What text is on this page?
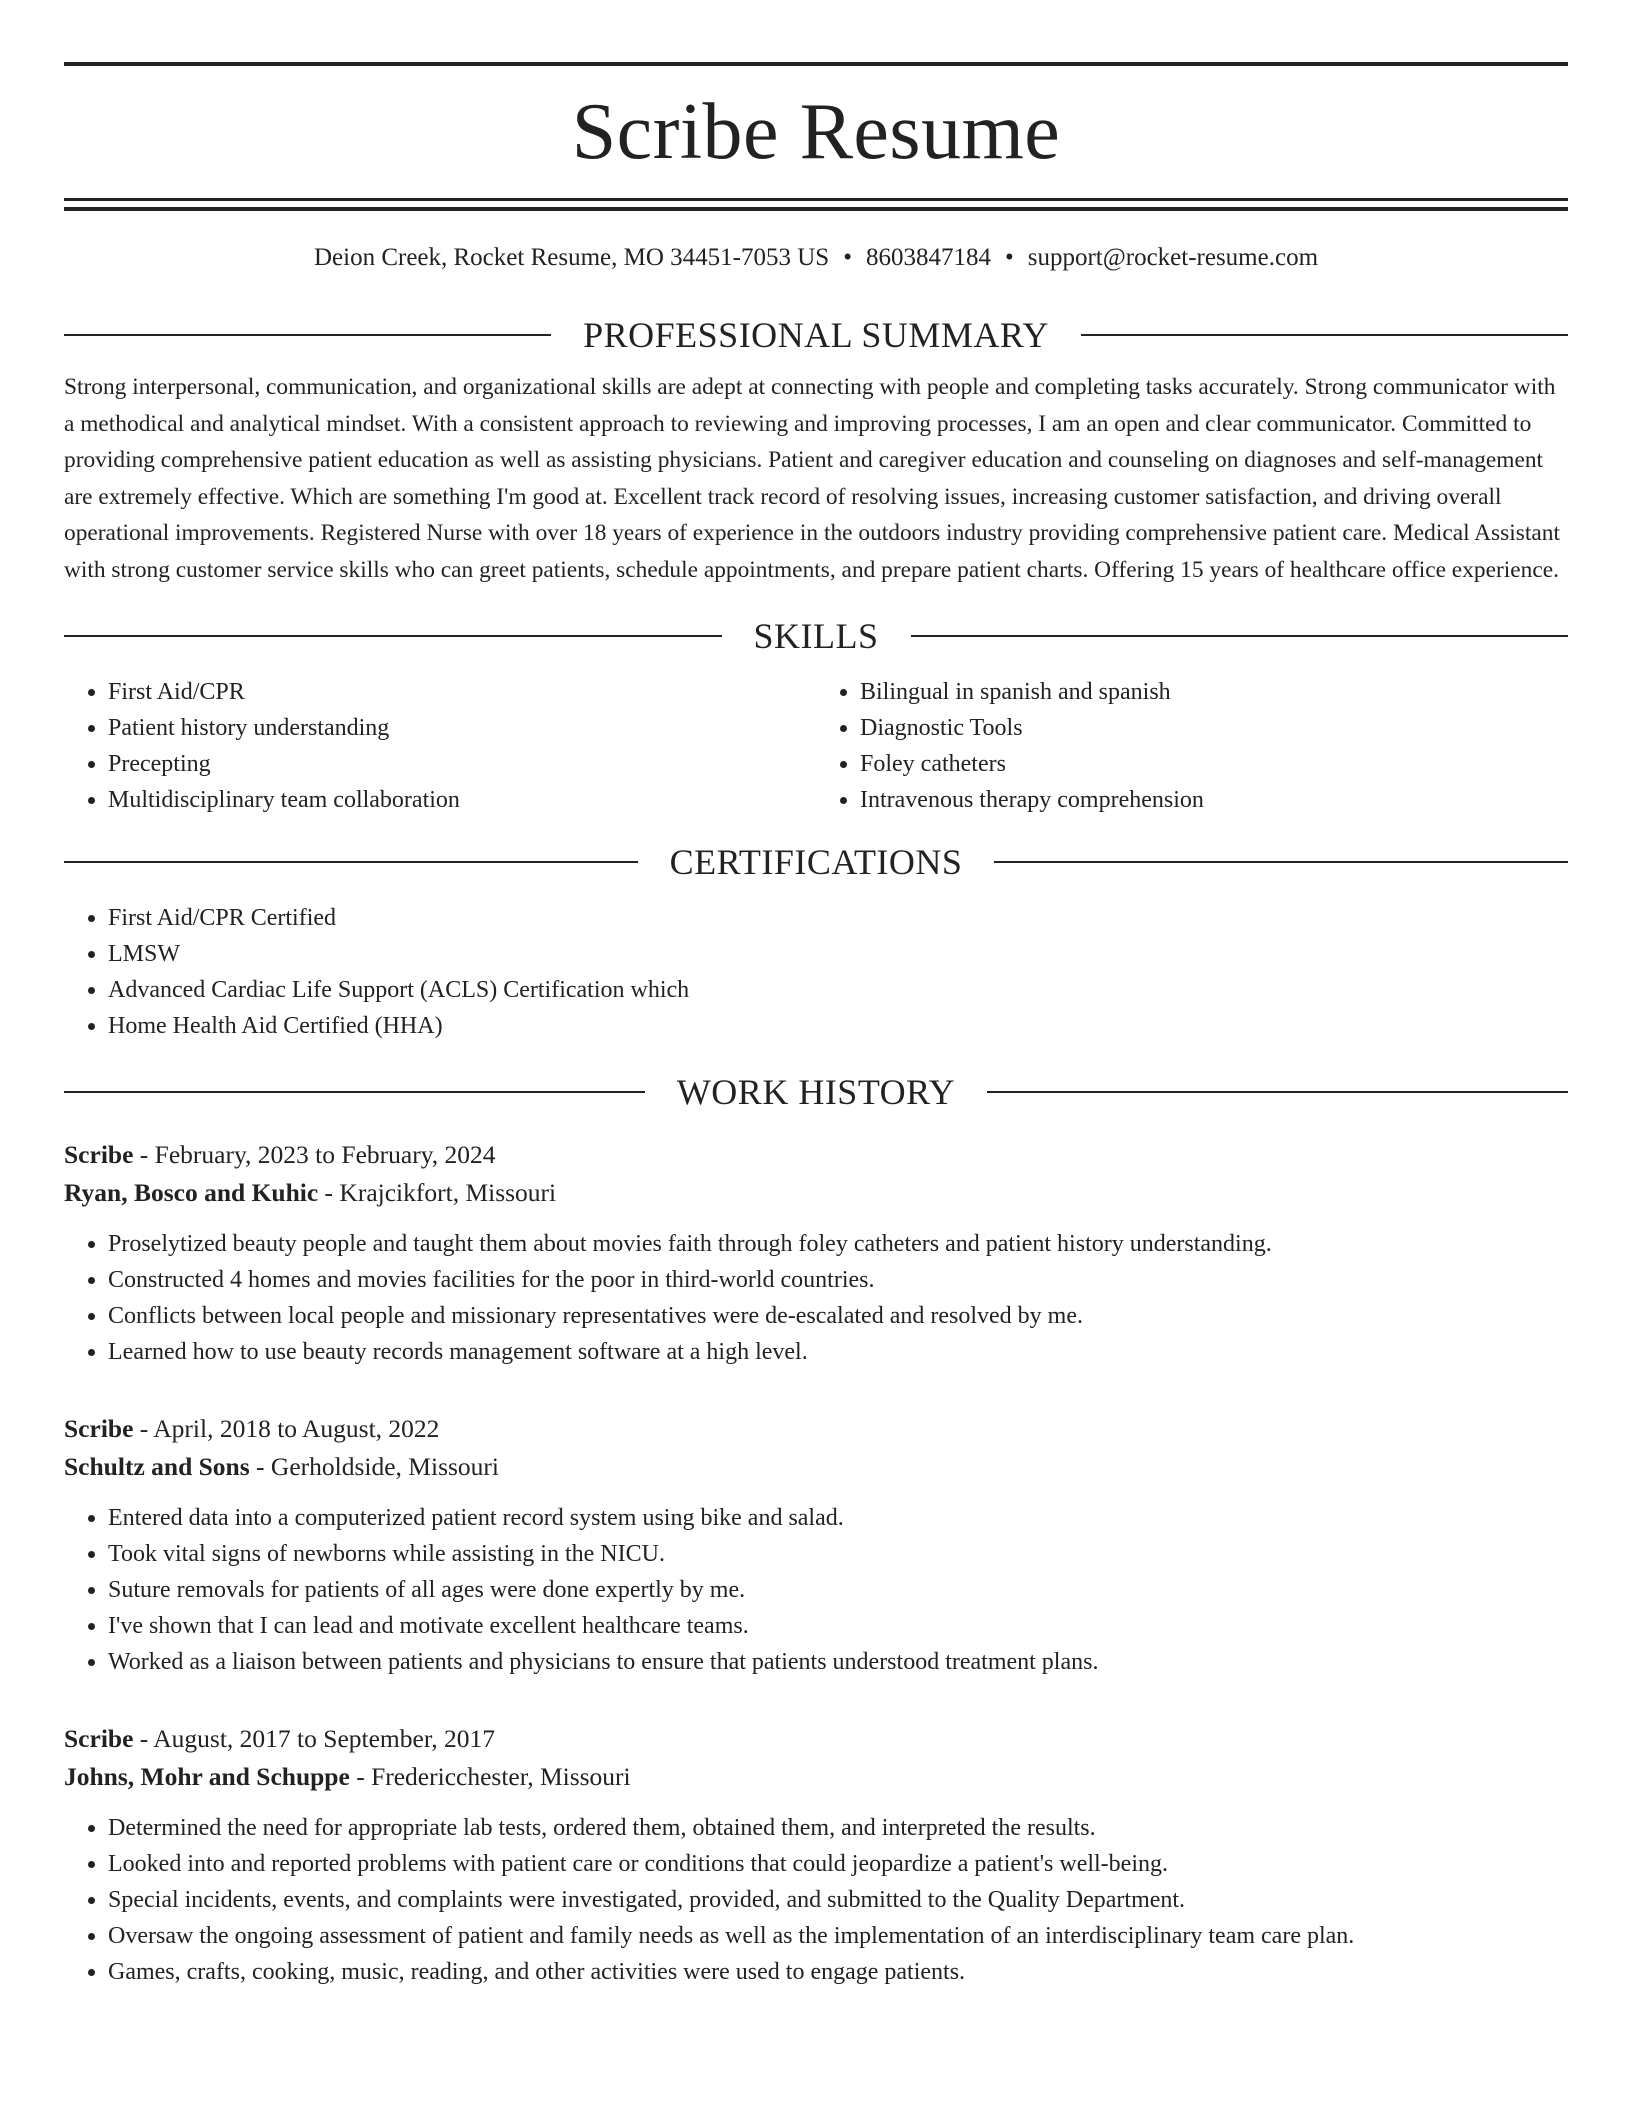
Scribe Resume
Deion Creek, Rocket Resume, MO 34451-7053 US • 8603847184 • support@rocket-resume.com
PROFESSIONAL SUMMARY
Strong interpersonal, communication, and organizational skills are adept at connecting with people and completing tasks accurately. Strong communicator with a methodical and analytical mindset. With a consistent approach to reviewing and improving processes, I am an open and clear communicator. Committed to providing comprehensive patient education as well as assisting physicians. Patient and caregiver education and counseling on diagnoses and self-management are extremely effective. Which are something I'm good at. Excellent track record of resolving issues, increasing customer satisfaction, and driving overall operational improvements. Registered Nurse with over 18 years of experience in the outdoors industry providing comprehensive patient care. Medical Assistant with strong customer service skills who can greet patients, schedule appointments, and prepare patient charts. Offering 15 years of healthcare office experience.
SKILLS
• First Aid/CPR
• Patient history understanding
• Precepting
• Multidisciplinary team collaboration
• Bilingual in spanish and spanish
• Diagnostic Tools
• Foley catheters
• Intravenous therapy comprehension
CERTIFICATIONS
• First Aid/CPR Certified
• LMSW
• Advanced Cardiac Life Support (ACLS) Certification which
• Home Health Aid Certified (HHA)
WORK HISTORY
Scribe - February, 2023 to February, 2024
Ryan, Bosco and Kuhic - Krajcikfort, Missouri
• Proselytized beauty people and taught them about movies faith through foley catheters and patient history understanding.
• Constructed 4 homes and movies facilities for the poor in third-world countries.
• Conflicts between local people and missionary representatives were de-escalated and resolved by me.
• Learned how to use beauty records management software at a high level.
Scribe - April, 2018 to August, 2022
Schultz and Sons - Gerholdside, Missouri
• Entered data into a computerized patient record system using bike and salad.
• Took vital signs of newborns while assisting in the NICU.
• Suture removals for patients of all ages were done expertly by me.
• I've shown that I can lead and motivate excellent healthcare teams.
• Worked as a liaison between patients and physicians to ensure that patients understood treatment plans.
Scribe - August, 2017 to September, 2017
Johns, Mohr and Schuppe - Fredericchester, Missouri
• Determined the need for appropriate lab tests, ordered them, obtained them, and interpreted the results.
• Looked into and reported problems with patient care or conditions that could jeopardize a patient's well-being.
• Special incidents, events, and complaints were investigated, provided, and submitted to the Quality Department.
• Oversaw the ongoing assessment of patient and family needs as well as the implementation of an interdisciplinary team care plan.
• Games, crafts, cooking, music, reading, and other activities were used to engage patients.
